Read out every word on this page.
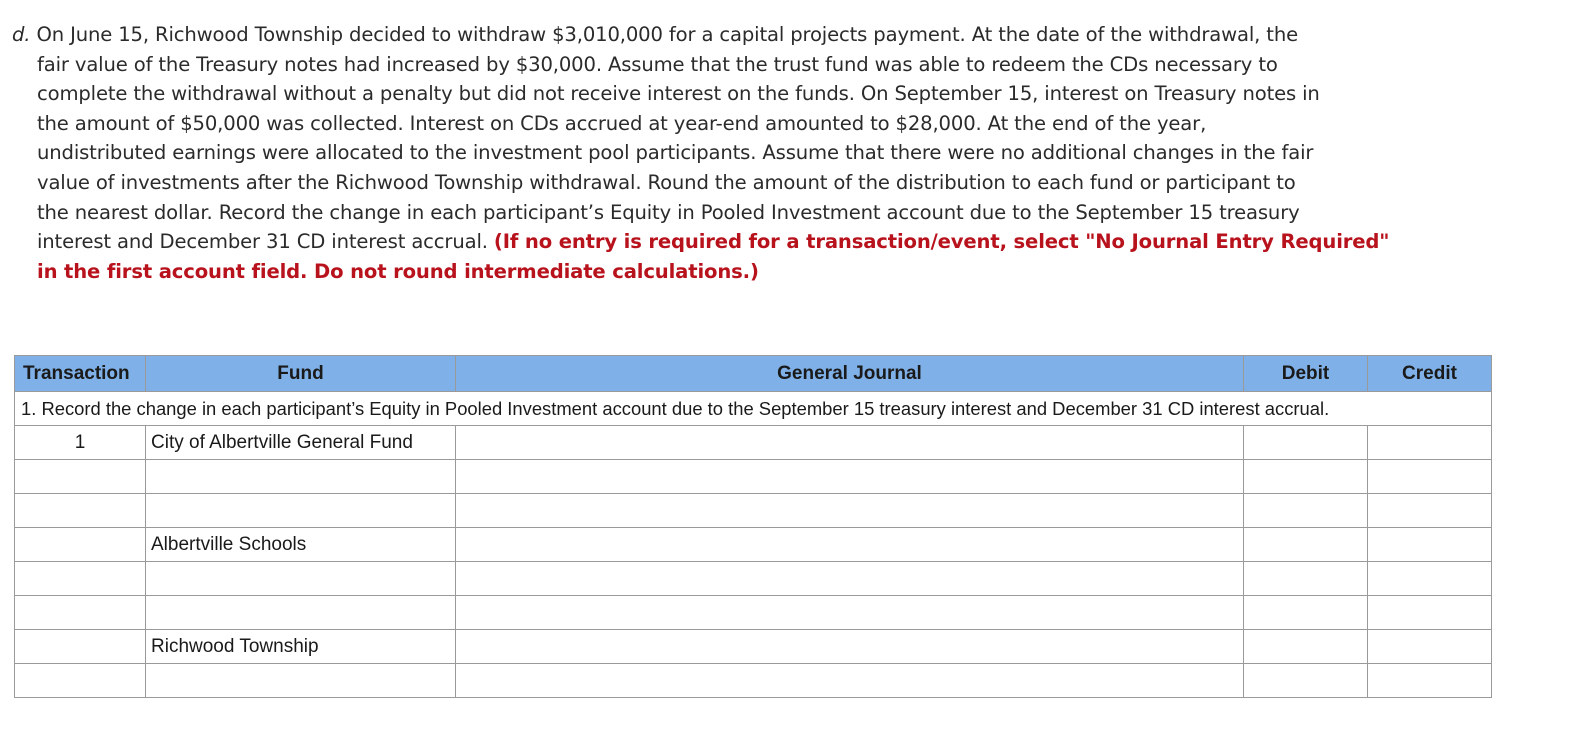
d. On June 15, Richwood Township decided to withdraw $3,010,000 for a capital projects payment. At the date of the withdrawal, the
fair value of the Treasury notes had increased by $30,000. Assume that the trust fund was able to redeem the CDs necessary to
complete the withdrawal without a penalty but did not receive interest on the funds. On September 15, interest on Treasury notes in
the amount of $50,000 was collected. Interest on CDs accrued at year-end amounted to $28,000. At the end of the year,
undistributed earnings were allocated to the investment pool participants. Assume that there were no additional changes in the fair
value of investments after the Richwood Township withdrawal. Round the amount of the distribution to each fund or participant to
the nearest dollar. Record the change in each participant’s Equity in Pooled Investment account due to the September 15 treasury
interest and December 31 CD interest accrual. (If no entry is required for a transaction/event, select "No Journal Entry Required"
in the first account field. Do not round intermediate calculations.)
Transaction	Fund	General Journal	Debit	Credit
1. Record the change in each participant’s Equity in Pooled Investment account due to the September 15 treasury interest and December 31 CD interest accrual.				
1	City of Albertville General Fund			

	Albertville Schools			

	Richwood Township			
